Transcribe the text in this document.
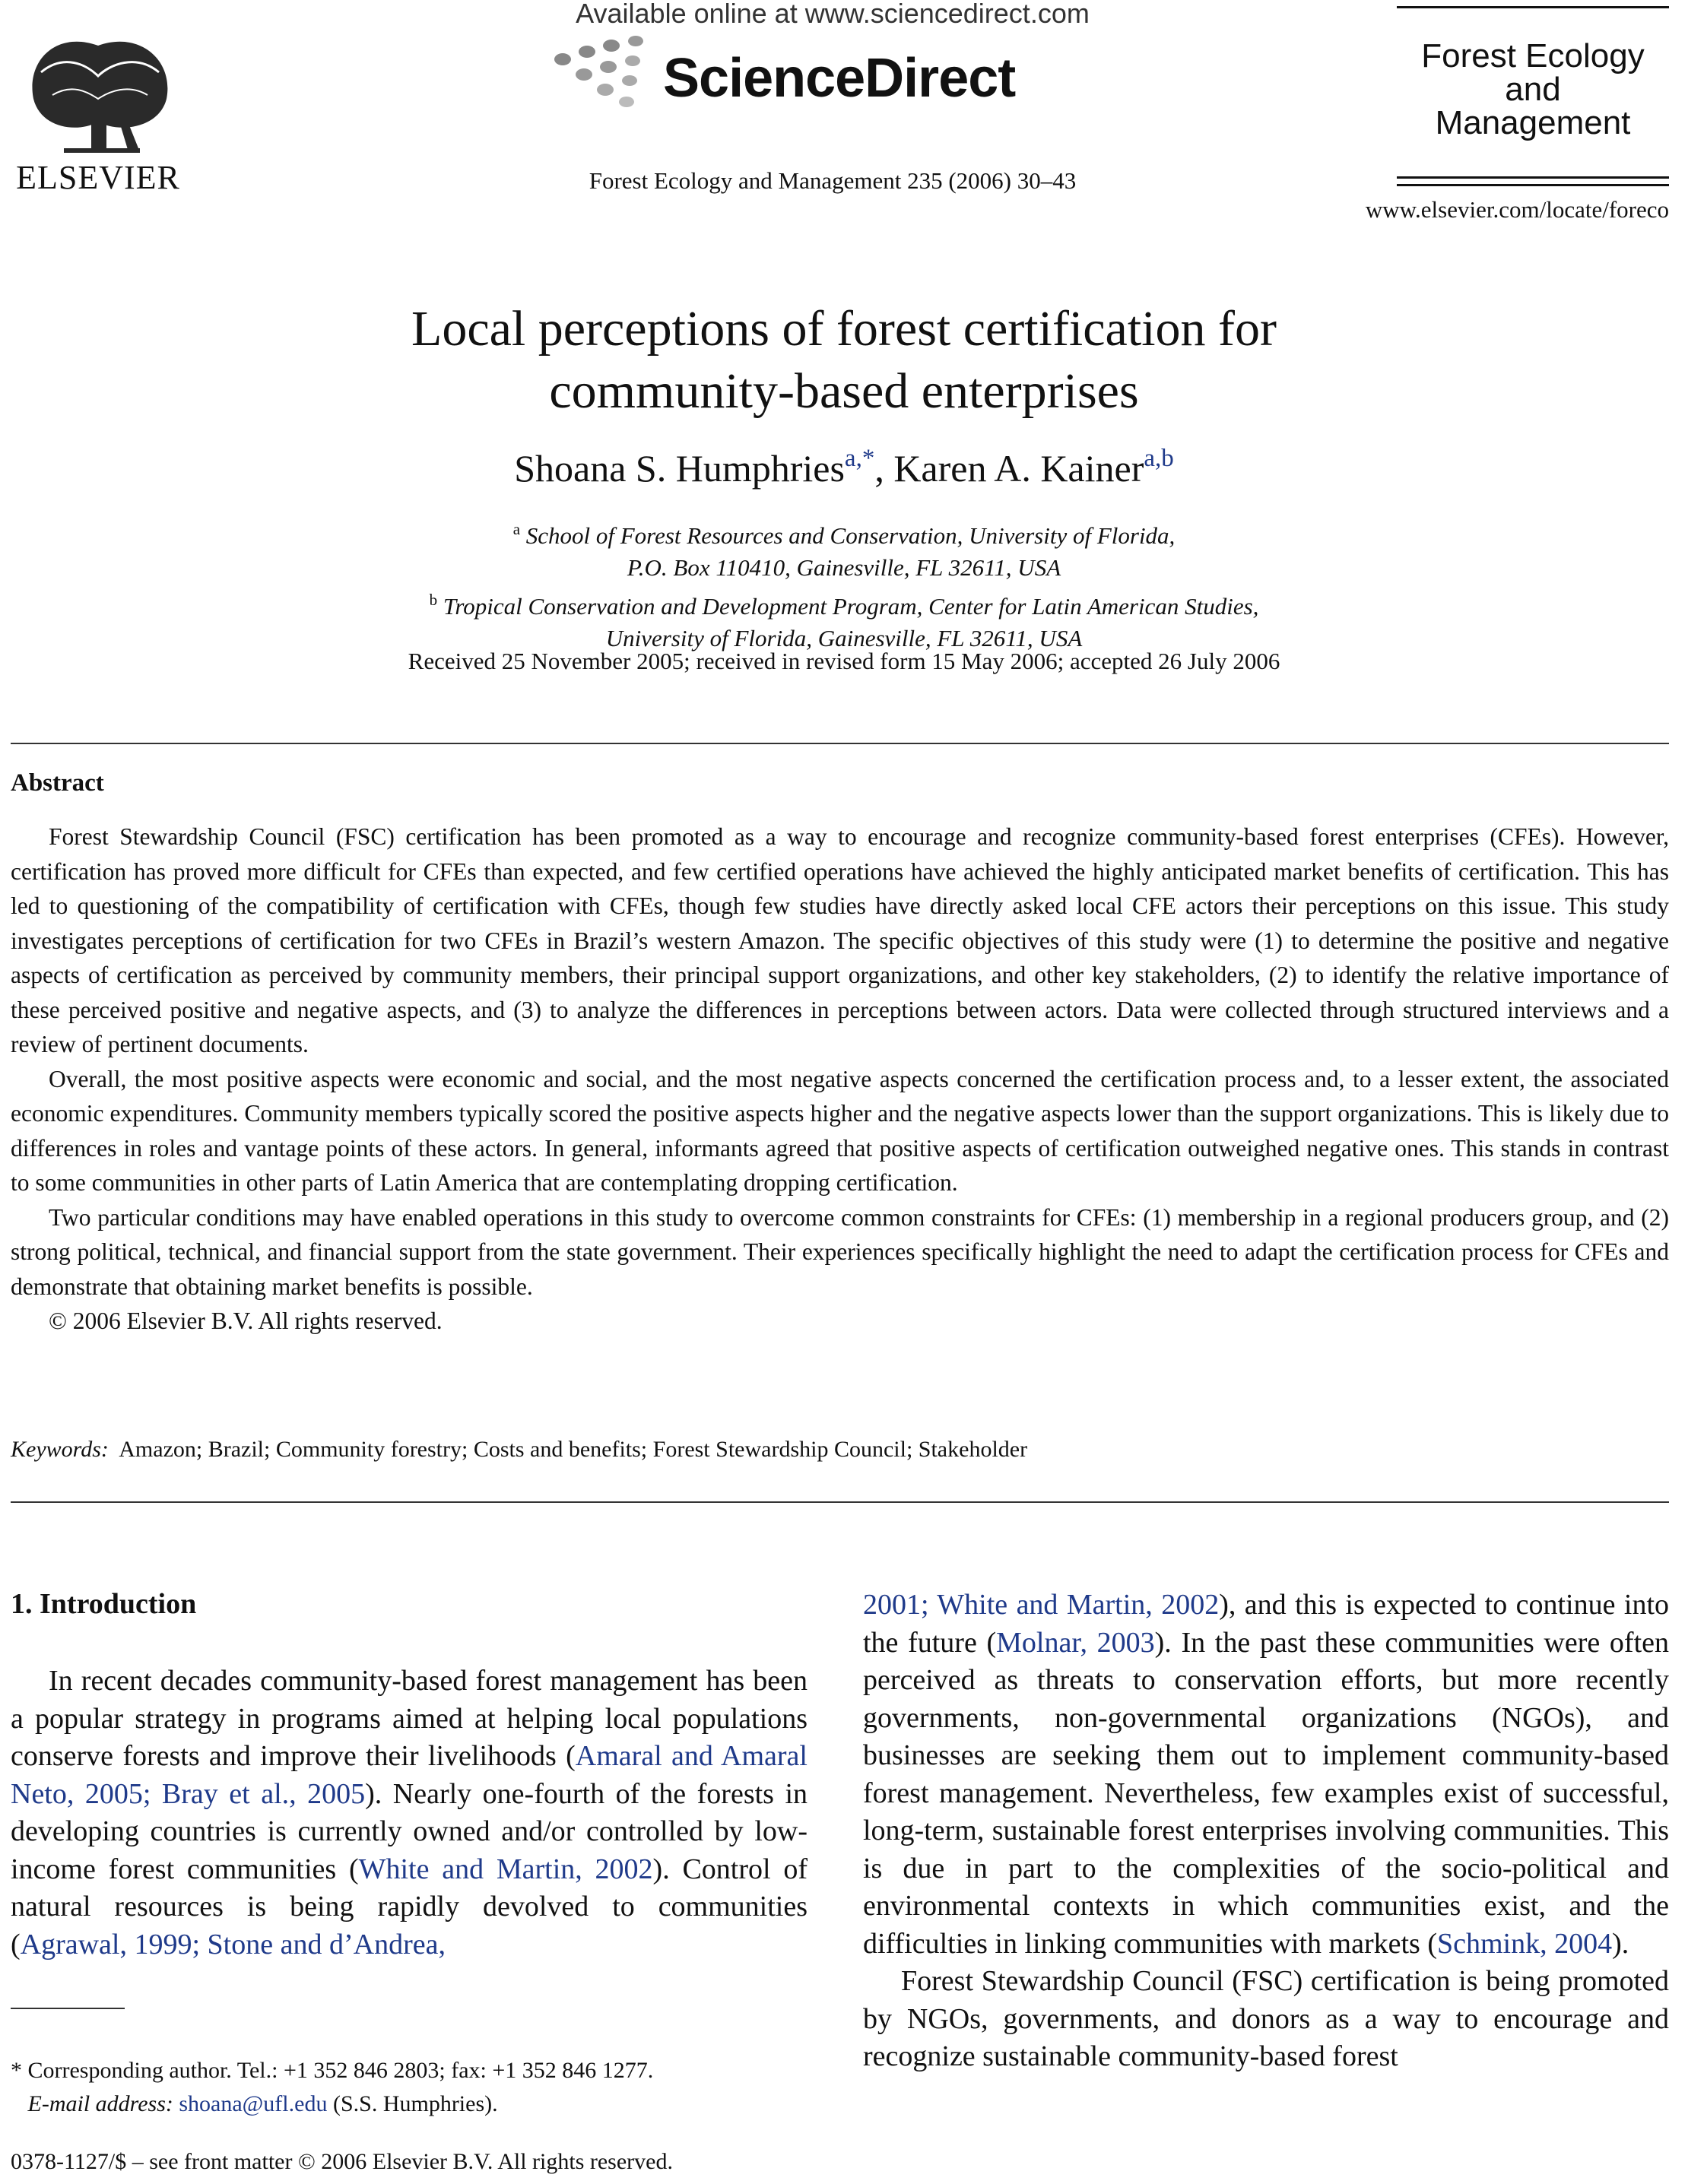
ELSEVIER
Available online at www.sciencedirect.com
ScienceDirect
Forest Ecology and Management 235 (2006) 30–43
Forest Ecology
and
Management
www.elsevier.com/locate/foreco
Local perceptions of forest certification for
community-based enterprises
Shoana S. Humphries$^{a,*}$, Karen A. Kainer$^{a,b}$
$^a$ School of Forest Resources and Conservation, University of Florida,
P.O. Box 110410, Gainesville, FL 32611, USA
$^b$ Tropical Conservation and Development Program, Center for Latin American Studies,
University of Florida, Gainesville, FL 32611, USA
Received 25 November 2005; received in revised form 15 May 2006; accepted 26 July 2006
Abstract

Forest Stewardship Council (FSC) certification has been promoted as a way to encourage and recognize community-based forest enterprises (CFEs). However, certification has proved more difficult for CFEs than expected, and few certified operations have achieved the highly anticipated market benefits of certification. This has led to questioning of the compatibility of certification with CFEs, though few studies have directly asked local CFE actors their perceptions on this issue. This study investigates perceptions of certification for two CFEs in Brazil’s western Amazon. The specific objectives of this study were (1) to determine the positive and negative aspects of certification as perceived by community members, their principal support organizations, and other key stakeholders, (2) to identify the relative importance of these perceived positive and negative aspects, and (3) to analyze the differences in perceptions between actors. Data were collected through structured interviews and a review of pertinent documents.

Overall, the most positive aspects were economic and social, and the most negative aspects concerned the certification process and, to a lesser extent, the associated economic expenditures. Community members typically scored the positive aspects higher and the negative aspects lower than the support organizations. This is likely due to differences in roles and vantage points of these actors. In general, informants agreed that positive aspects of certification outweighed negative ones. This stands in contrast to some communities in other parts of Latin America that are contemplating dropping certification.

Two particular conditions may have enabled operations in this study to overcome common constraints for CFEs: (1) membership in a regional producers group, and (2) strong political, technical, and financial support from the state government. Their experiences specifically highlight the need to adapt the certification process for CFEs and demonstrate that obtaining market benefits is possible.

© 2006 Elsevier B.V. All rights reserved.

Keywords: Amazon; Brazil; Community forestry; Costs and benefits; Forest Stewardship Council; Stakeholder
1. Introduction

In recent decades community-based forest management has been a popular strategy in programs aimed at helping local populations conserve forests and improve their livelihoods (Amaral and Amaral Neto, 2005; Bray et al., 2005). Nearly one-fourth of the forests in developing countries is currently owned and/or controlled by low-income forest communities (White and Martin, 2002). Control of natural resources is being rapidly devolved to communities (Agrawal, 1999; Stone and d’Andrea,

2001; White and Martin, 2002), and this is expected to continue into the future (Molnar, 2003). In the past these communities were often perceived as threats to conservation efforts, but more recently governments, non-governmental organizations (NGOs), and businesses are seeking them out to implement community-based forest management. Nevertheless, few examples exist of successful, long-term, sustainable forest enterprises involving communities. This is due in part to the complexities of the socio-political and environmental contexts in which communities exist, and the difficulties in linking communities with markets (Schmink, 2004).

Forest Stewardship Council (FSC) certification is being promoted by NGOs, governments, and donors as a way to encourage and recognize sustainable community-based forest

* Corresponding author. Tel.: +1 352 846 2803; fax: +1 352 846 1277.
E-mail address: shoana@ufl.edu (S.S. Humphries).
0378-1127/$ – see front matter © 2006 Elsevier B.V. All rights reserved.
